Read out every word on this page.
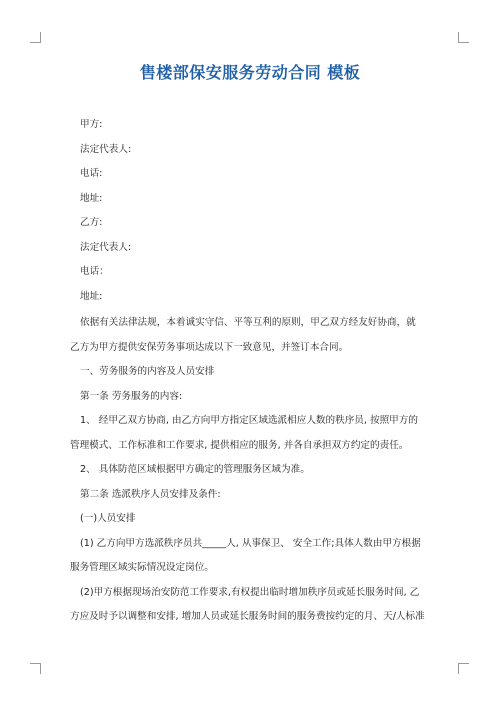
售楼部保安服务劳动合同 模板
甲方:
法定代表人:
电话:
地址:
乙方:
法定代表人:
电话：
地址:
依据有关法律法规，本着诚实守信、平等互利的原则，甲乙双方经友好协商，就
乙方为甲方提供安保劳务事项达成以下一致意见，并签订本合同。
一、劳务服务的内容及人员安排
第一条 劳务服务的内容:
1、 经甲乙双方协商, 由乙方向甲方指定区域选派相应人数的秩序员, 按照甲方的
管理模式、工作标准和工作要求, 提供相应的服务, 并各自承担双方约定的责任。
2、 具体防范区域根据甲方确定的管理服务区域为准。
第二条 选派秩序人员安排及条件:
(一)人员安排
(1) 乙方向甲方选派秩序员共_____人, 从事保卫、 安全工作;具体人数由甲方根据
服务管理区域实际情况设定岗位。
(2)甲方根据现场治安防范工作要求,有权提出临时增加秩序员或延长服务时间, 乙
方应及时予以调整和安排, 增加人员或延长服务时间的服务费按约定的月、天/人标准
